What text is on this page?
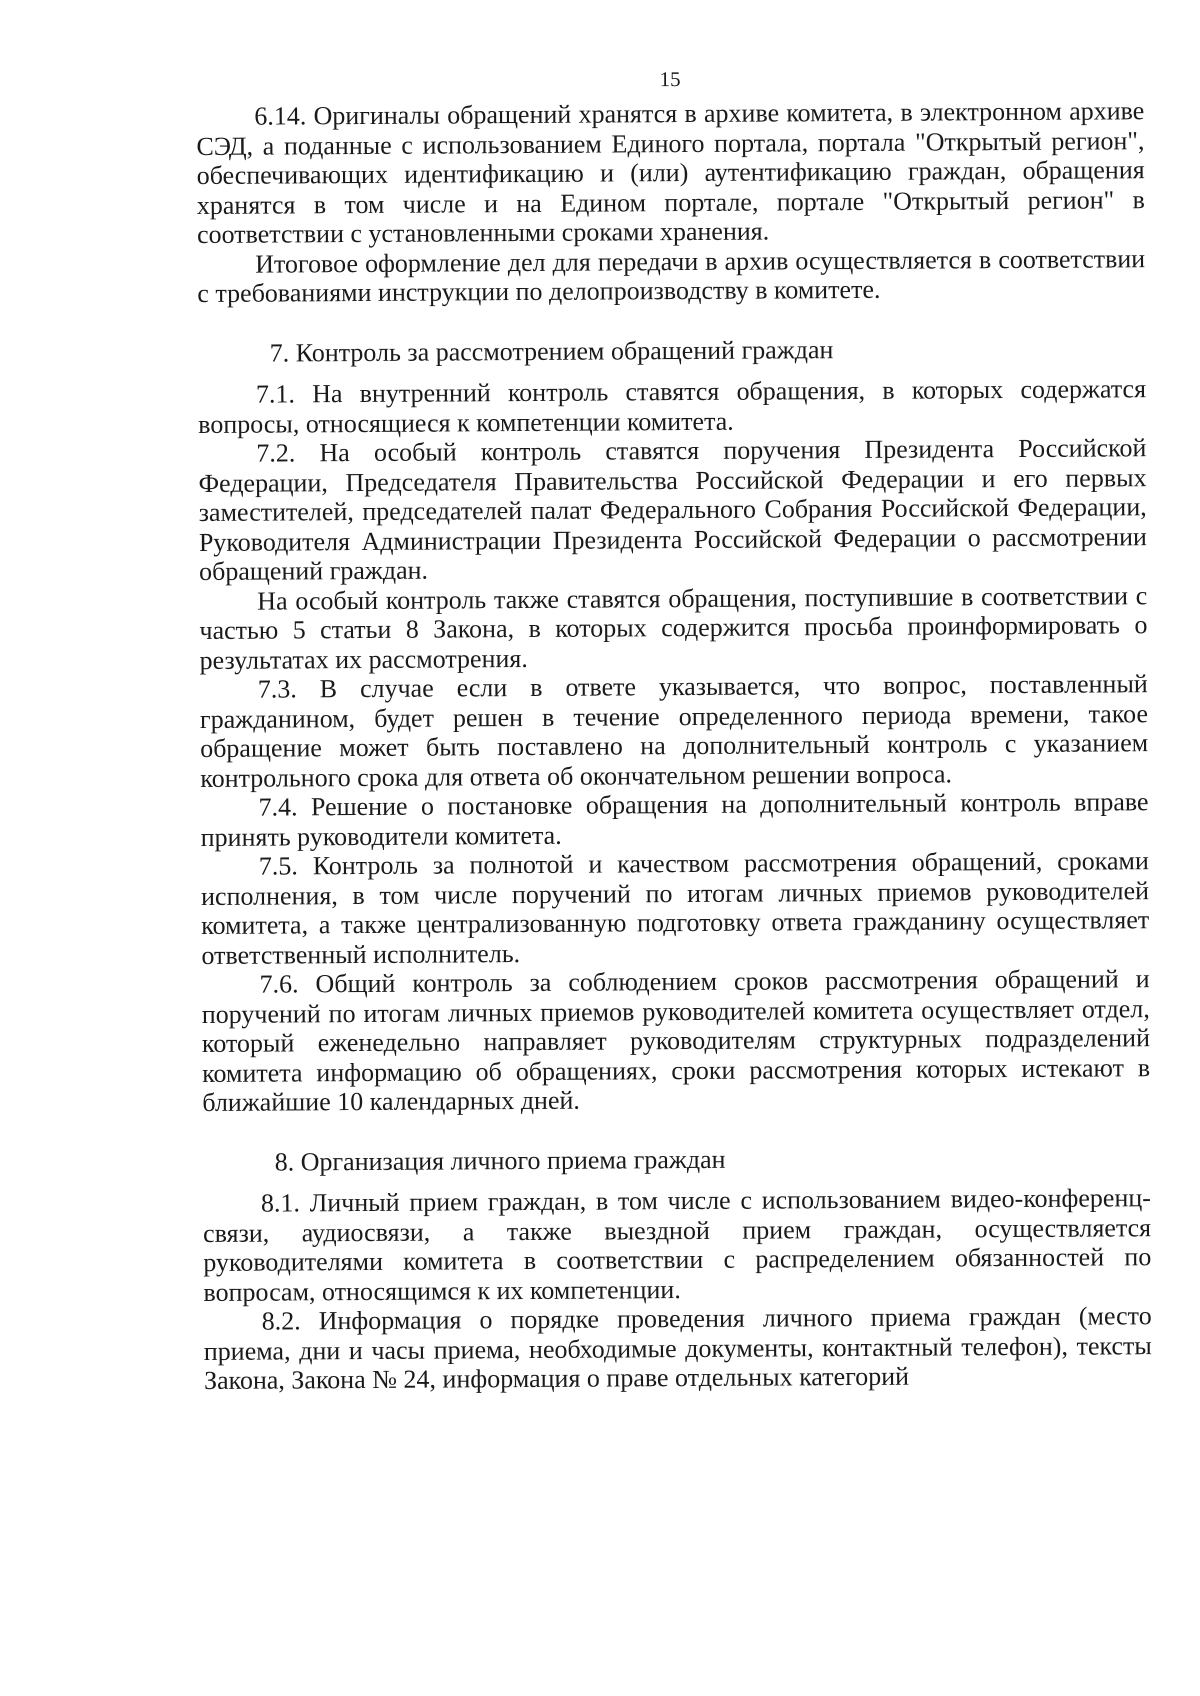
15

6.14. Оригиналы обращений хранятся в архиве комитета, в электронном архиве СЭД, а поданные с использованием Единого портала, портала "Открытый регион", обеспечивающих идентификацию и (или) аутентификацию граждан, обращения хранятся в том числе и на Едином портале, портале "Открытый регион" в соответствии с установленными сроками хранения.

Итоговое оформление дел для передачи в архив осуществляется в соответствии с требованиями инструкции по делопроизводству в комитете.

7. Контроль за рассмотрением обращений граждан

7.1. На внутренний контроль ставятся обращения, в которых содержатся вопросы, относящиеся к компетенции комитета.

7.2. На особый контроль ставятся поручения Президента Российской Федерации, Председателя Правительства Российской Федерации и его первых заместителей, председателей палат Федерального Собрания Российской Федерации, Руководителя Администрации Президента Российской Федерации о рассмотрении обращений граждан.

На особый контроль также ставятся обращения, поступившие в соответствии с частью 5 статьи 8 Закона, в которых содержится просьба проинформировать о результатах их рассмотрения.

7.3. В случае если в ответе указывается, что вопрос, поставленный гражданином, будет решен в течение определенного периода времени, такое обращение может быть поставлено на дополнительный контроль с указанием контрольного срока для ответа об окончательном решении вопроса.

7.4. Решение о постановке обращения на дополнительный контроль вправе принять руководители комитета.

7.5. Контроль за полнотой и качеством рассмотрения обращений, сроками исполнения, в том числе поручений по итогам личных приемов руководителей комитета, а также централизованную подготовку ответа гражданину осуществляет ответственный исполнитель.

7.6. Общий контроль за соблюдением сроков рассмотрения обращений и поручений по итогам личных приемов руководителей комитета осуществляет отдел, который еженедельно направляет руководителям структурных подразделений комитета информацию об обращениях, сроки рассмотрения которых истекают в ближайшие 10 календарных дней.

8. Организация личного приема граждан

8.1. Личный прием граждан, в том числе с использованием видео-конференц-связи, аудиосвязи, а также выездной прием граждан, осуществляется руководителями комитета в соответствии с распределением обязанностей по вопросам, относящимся к их компетенции.

8.2. Информация о порядке проведения личного приема граждан (место приема, дни и часы приема, необходимые документы, контактный телефон), тексты Закона, Закона № 24, информация о праве отдельных категорий
